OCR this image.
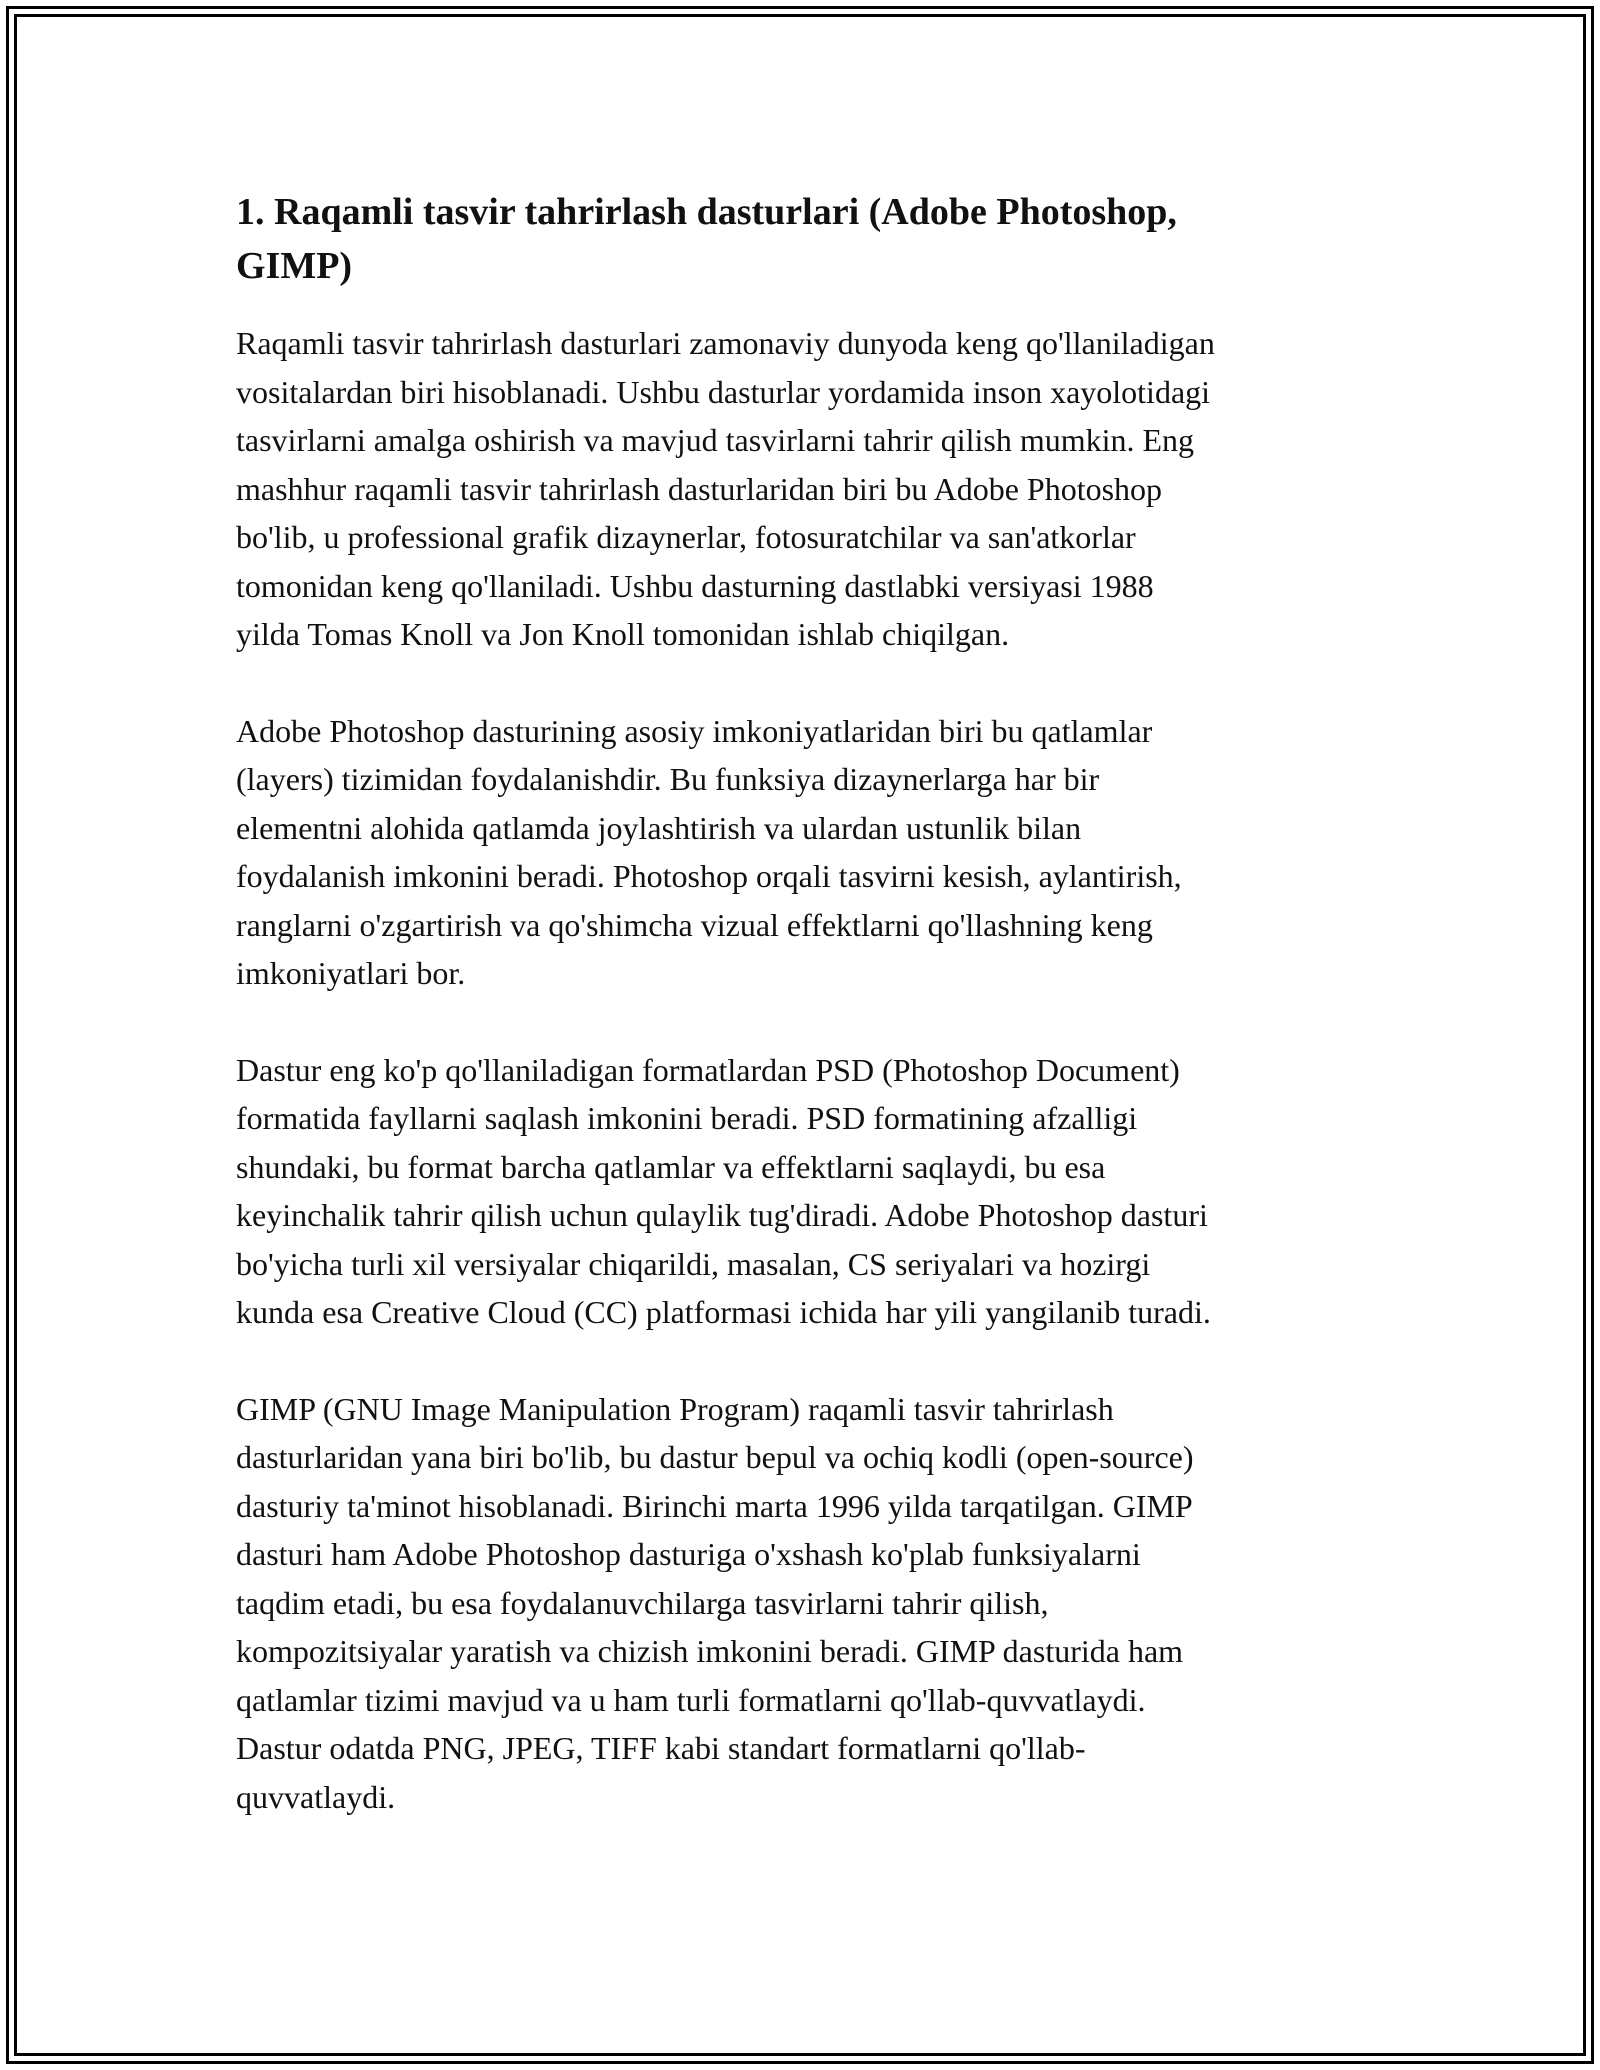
1. Raqamli tasvir tahrirlash dasturlari (Adobe Photoshop,
GIMP)

Raqamli tasvir tahrirlash dasturlari zamonaviy dunyoda keng qo'llaniladigan
vositalardan biri hisoblanadi. Ushbu dasturlar yordamida inson xayolotidagi
tasvirlarni amalga oshirish va mavjud tasvirlarni tahrir qilish mumkin. Eng
mashhur raqamli tasvir tahrirlash dasturlaridan biri bu Adobe Photoshop
bo'lib, u professional grafik dizaynerlar, fotosuratchilar va san'atkorlar
tomonidan keng qo'llaniladi. Ushbu dasturning dastlabki versiyasi 1988
yilda Tomas Knoll va Jon Knoll tomonidan ishlab chiqilgan.

Adobe Photoshop dasturining asosiy imkoniyatlaridan biri bu qatlamlar
(layers) tizimidan foydalanishdir. Bu funksiya dizaynerlarga har bir
elementni alohida qatlamda joylashtirish va ulardan ustunlik bilan
foydalanish imkonini beradi. Photoshop orqali tasvirni kesish, aylantirish,
ranglarni o'zgartirish va qo'shimcha vizual effektlarni qo'llashning keng
imkoniyatlari bor.

Dastur eng ko'p qo'llaniladigan formatlardan PSD (Photoshop Document)
formatida fayllarni saqlash imkonini beradi. PSD formatining afzalligi
shundaki, bu format barcha qatlamlar va effektlarni saqlaydi, bu esa
keyinchalik tahrir qilish uchun qulaylik tug'diradi. Adobe Photoshop dasturi
bo'yicha turli xil versiyalar chiqarildi, masalan, CS seriyalari va hozirgi
kunda esa Creative Cloud (CC) platformasi ichida har yili yangilanib turadi.

GIMP (GNU Image Manipulation Program) raqamli tasvir tahrirlash
dasturlaridan yana biri bo'lib, bu dastur bepul va ochiq kodli (open-source)
dasturiy ta'minot hisoblanadi. Birinchi marta 1996 yilda tarqatilgan. GIMP
dasturi ham Adobe Photoshop dasturiga o'xshash ko'plab funksiyalarni
taqdim etadi, bu esa foydalanuvchilarga tasvirlarni tahrir qilish,
kompozitsiyalar yaratish va chizish imkonini beradi. GIMP dasturida ham
qatlamlar tizimi mavjud va u ham turli formatlarni qo'llab-quvvatlaydi.
Dastur odatda PNG, JPEG, TIFF kabi standart formatlarni qo'llab-
quvvatlaydi.
